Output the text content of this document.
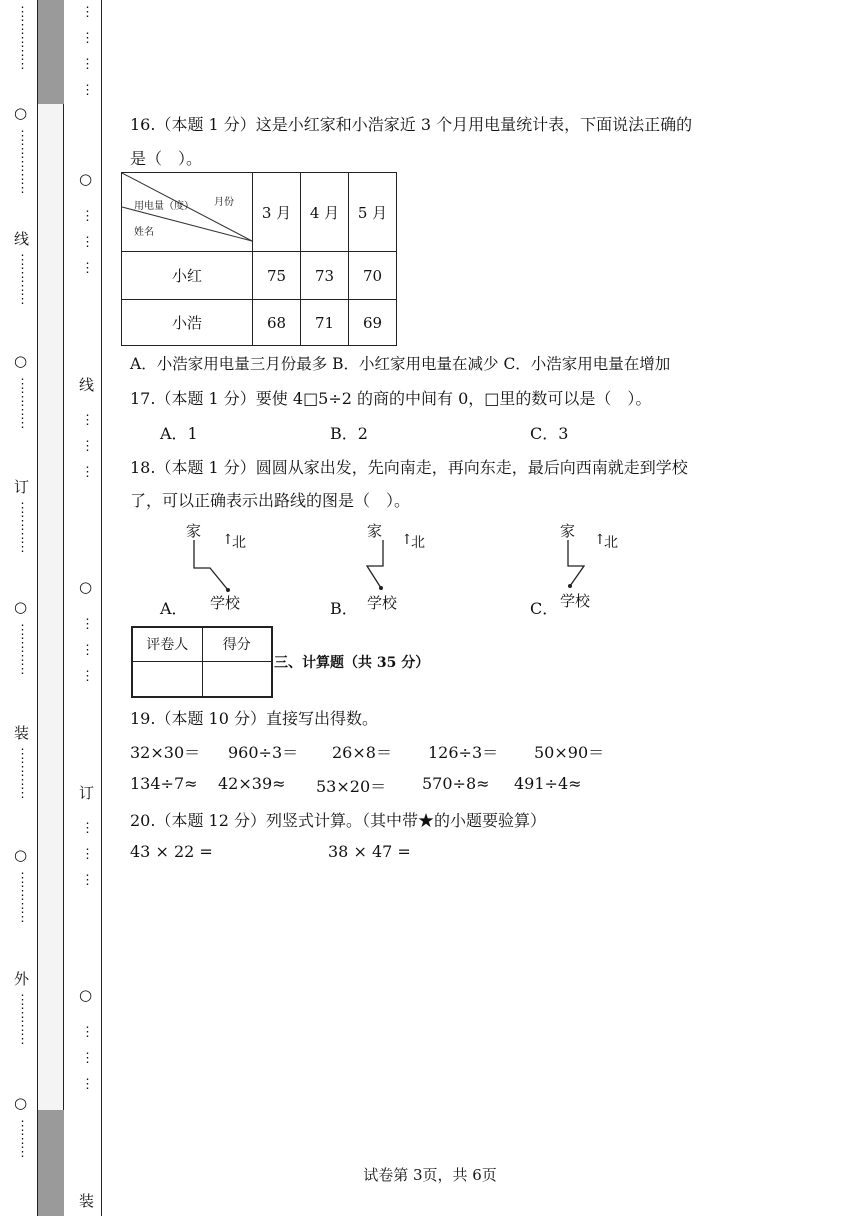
⋮
⋮
⋮
⋮
⋮
○
⋮
⋮
⋮
⋮
⋮
线
⋮
⋮
⋮
⋮
○
⋮
⋮
⋮
⋮
订
⋮
⋮
⋮
⋮
○
⋮
⋮
⋮
⋮
装
⋮
⋮
⋮
⋮
○
⋮
⋮
⋮
⋮
外
⋮
⋮
⋮
⋮
○
⋮
⋮
⋮
⋮

⋮

⋮

⋮
○
⋮

⋮

⋮
线
⋮

⋮

⋮
○
⋮

⋮

⋮
订
⋮

⋮

⋮
○
⋮

⋮

⋮
装
16.（本题 1 分）这是小红家和小浩家近 3 个月用电量统计表，下面说法正确的
是（　）。
月份
用电量（度）
姓名	3 月	4 月	5 月
小红	75	73	70
小浩	68	71	69
A．小浩家用电量三月份最多 B．小红家用电量在减少 C．小浩家用电量在增加
17.（本题 1 分）要使 4□5÷2 的商的中间有 0，□里的数可以是（　）。
A．1	B．2	C．3
18.（本题 1 分）圆圆从家出发，先向南走，再向东走，最后向西南就走到学校
了，可以正确表示出路线的图是（　）。
家 ↑
北
学校
A．
家 ↑
北
学校
B．
家 ↑
北
学校
C．
评卷人	得分

三、计算题（共 35 分）
19.（本题 10 分）直接写出得数。
32×30＝ 960÷3＝ 26×8＝ 126÷3＝ 50×90＝
134÷7≈ 42×39≈ 53×20＝ 570÷8≈ 491÷4≈
20.（本题 12 分）列竖式计算。（其中带★的小题要验算）
43 × 22 =	38 × 47 =
试卷第 3页，共 6页
